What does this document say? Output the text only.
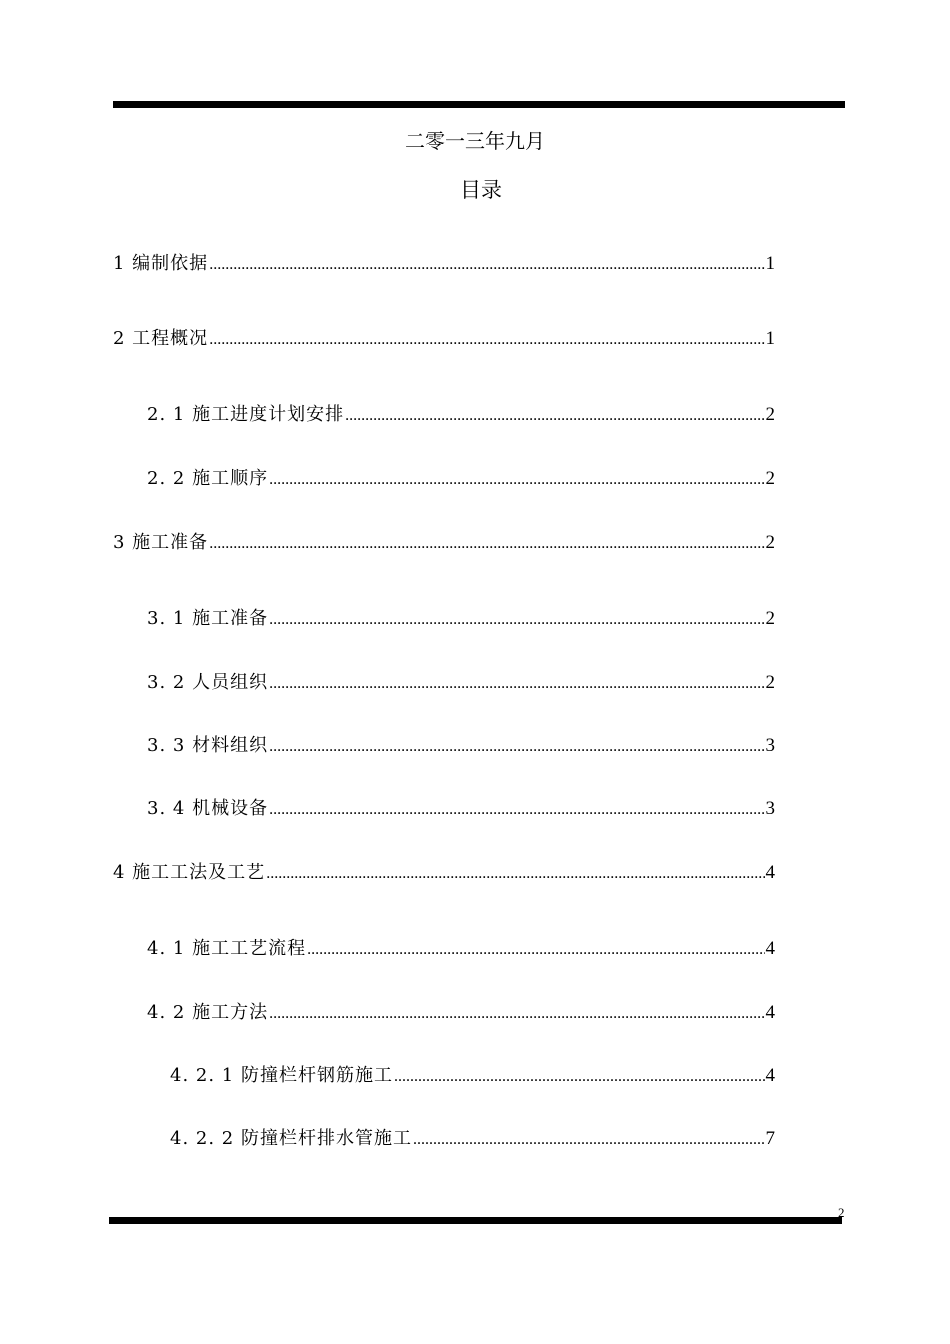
二零一三年九月
目录
1 编制依据 .....	1
2 工程概况 .....	1
2. 1 施工进度计划安排 .....	2
2. 2 施工顺序 .....	2
3 施工准备 .....	2
3. 1 施工准备 .....	2
3. 2 人员组织 .....	2
3. 3 材料组织 .....	3
3. 4 机械设备 .....	3
4 施工工法及工艺 .....	4
4. 1 施工工艺流程 .....	4
4. 2 施工方法 .....	4
4. 2. 1 防撞栏杆钢筋施工 .....	4
4. 2. 2 防撞栏杆排水管施工 .....	7
2
